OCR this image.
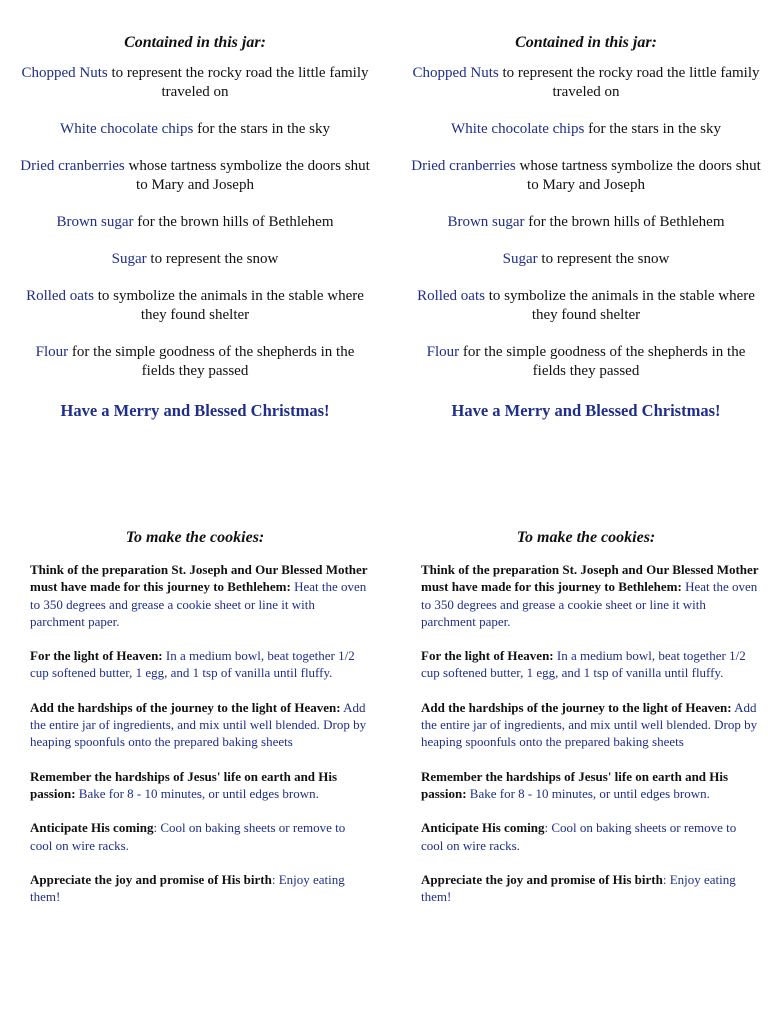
Contained in this jar:
Chopped Nuts to represent the rocky road the little family traveled on
White chocolate chips for the stars in the sky
Dried cranberries whose tartness symbolize the doors shut to Mary and Joseph
Brown sugar for the brown hills of Bethlehem
Sugar to represent the snow
Rolled oats to symbolize the animals in the stable where they found shelter
Flour for the simple goodness of the shepherds in the fields they passed
Have a Merry and Blessed Christmas!
Contained in this jar:
Chopped Nuts to represent the rocky road the little family traveled on
White chocolate chips for the stars in the sky
Dried cranberries whose tartness symbolize the doors shut to Mary and Joseph
Brown sugar for the brown hills of Bethlehem
Sugar to represent the snow
Rolled oats to symbolize the animals in the stable where they found shelter
Flour for the simple goodness of the shepherds in the fields they passed
Have a Merry and Blessed Christmas!
To make the cookies:
Think of the preparation St. Joseph and Our Blessed Mother must have made for this journey to Bethlehem: Heat the oven to 350 degrees and grease a cookie sheet or line it with parchment paper.
For the light of Heaven: In a medium bowl, beat together 1/2 cup softened butter, 1 egg, and 1 tsp of vanilla until fluffy.
Add the hardships of the journey to the light of Heaven: Add the entire jar of ingredients, and mix until well blended. Drop by heaping spoonfuls onto the prepared baking sheets
Remember the hardships of Jesus' life on earth and His passion: Bake for 8 - 10 minutes, or until edges brown.
Anticipate His coming: Cool on baking sheets or remove to cool on wire racks.
Appreciate the joy and promise of His birth: Enjoy eating them!
To make the cookies:
Think of the preparation St. Joseph and Our Blessed Mother must have made for this journey to Bethlehem: Heat the oven to 350 degrees and grease a cookie sheet or line it with parchment paper.
For the light of Heaven: In a medium bowl, beat together 1/2 cup softened butter, 1 egg, and 1 tsp of vanilla until fluffy.
Add the hardships of the journey to the light of Heaven: Add the entire jar of ingredients, and mix until well blended. Drop by heaping spoonfuls onto the prepared baking sheets
Remember the hardships of Jesus' life on earth and His passion: Bake for 8 - 10 minutes, or until edges brown.
Anticipate His coming: Cool on baking sheets or remove to cool on wire racks.
Appreciate the joy and promise of His birth: Enjoy eating them!
